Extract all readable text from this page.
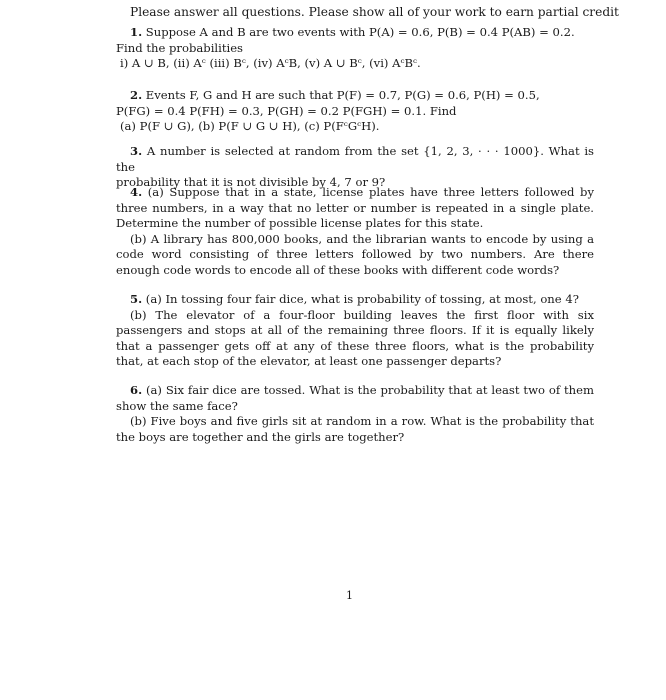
Please answer all questions. Please show all of your work to earn partial credit

1. Suppose A and B are two events with P(A) = 0.6, P(B) = 0.4 P(AB) = 0.2.

Find the probabilities

i) A ∪ B, (ii) Aᶜ (iii) Bᶜ, (iv) AᶜB, (v) A ∪ Bᶜ, (vi) AᶜBᶜ.

2. Events F, G and H are such that P(F) = 0.7, P(G) = 0.6, P(H) = 0.5,

P(FG) = 0.4 P(FH) = 0.3, P(GH) = 0.2 P(FGH) = 0.1. Find

(a) P(F ∪ G), (b) P(F ∪ G ∪ H), (c) P(FᶜGᶜH).

3. A number is selected at random from the set {1, 2, 3, · · · 1000}. What is the

probability that it is not divisible by 4, 7 or 9?

4. (a) Suppose that in a state, license plates have three letters followed by three numbers, in a way that no letter or number is repeated in a single plate. Determine the number of possible license plates for this state.

(b) A library has 800,000 books, and the librarian wants to encode by using a code word consisting of three letters followed by two numbers. Are there enough code words to encode all of these books with different code words?

5. (a) In tossing four fair dice, what is probability of tossing, at most, one 4?

(b) The elevator of a four-floor building leaves the first floor with six passengers and stops at all of the remaining three floors. If it is equally likely that a passenger gets off at any of these three floors, what is the probability that, at each stop of the elevator, at least one passenger departs?

6. (a) Six fair dice are tossed. What is the probability that at least two of them show the same face?

(b) Five boys and five girls sit at random in a row. What is the probability that the boys are together and the girls are together?

1
